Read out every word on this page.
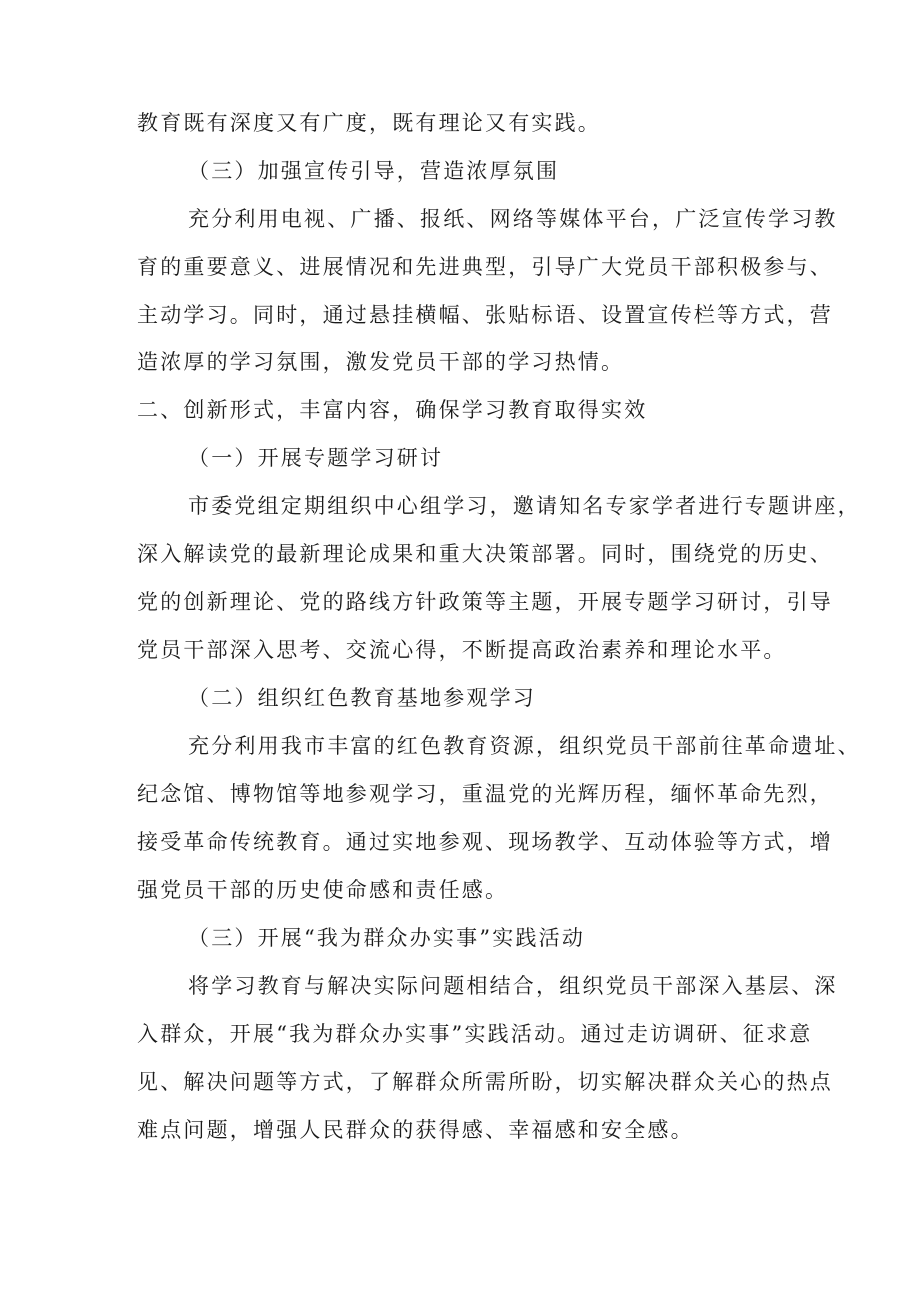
教育既有深度又有广度，既有理论又有实践。

（三）加强宣传引导，营造浓厚氛围

充分利用电视、广播、报纸、网络等媒体平台，广泛宣传学习教

育的重要意义、进展情况和先进典型，引导广大党员干部积极参与、

主动学习。同时，通过悬挂横幅、张贴标语、设置宣传栏等方式，营

造浓厚的学习氛围，激发党员干部的学习热情。

二、创新形式，丰富内容，确保学习教育取得实效

（一）开展专题学习研讨

市委党组定期组织中心组学习，邀请知名专家学者进行专题讲座，

深入解读党的最新理论成果和重大决策部署。同时，围绕党的历史、

党的创新理论、党的路线方针政策等主题，开展专题学习研讨，引导

党员干部深入思考、交流心得，不断提高政治素养和理论水平。

（二）组织红色教育基地参观学习

充分利用我市丰富的红色教育资源，组织党员干部前往革命遗址、

纪念馆、博物馆等地参观学习，重温党的光辉历程，缅怀革命先烈，

接受革命传统教育。通过实地参观、现场教学、互动体验等方式，增

强党员干部的历史使命感和责任感。

（三）开展“我为群众办实事”实践活动

将学习教育与解决实际问题相结合，组织党员干部深入基层、深

入群众，开展“我为群众办实事”实践活动。通过走访调研、征求意

见、解决问题等方式，了解群众所需所盼，切实解决群众关心的热点

难点问题，增强人民群众的获得感、幸福感和安全感。
